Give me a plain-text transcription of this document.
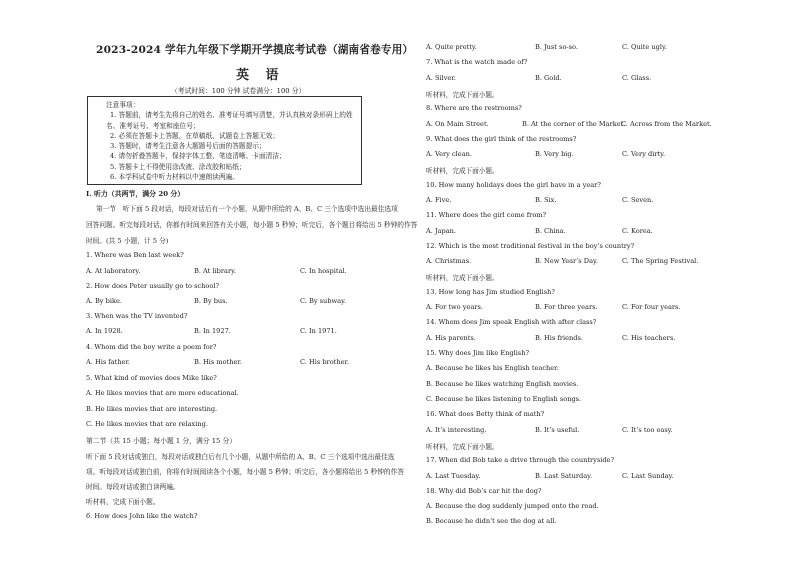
2023-2024 学年九年级下学期开学摸底考试卷（湖南省卷专用）
英 语
（考试时间：100 分钟 试卷满分：100 分）
注意事项：
1. 答题前，请考生先将自己的姓名、准考证号填写清楚，并认真核对条形码上的姓
名、准考证号、考室和座位号；
2. 必须在答题卡上答题，在草稿纸、试题卷上答题无效；
3. 答题时，请考生注意各大题题号后面的答题提示；
4. 请勿折叠答题卡，保持字体工整、笔迹清晰、卡面清洁；
5. 答题卡上不得使用涂改液、涂改胶和贴纸；
6. 本学科试卷中听力材料以中速朗读两遍。
Ⅰ. 听力（共两节，满分 20 分）
第一节　听下面 5 段对话，每段对话后有一个小题，从题中所给的 A、B、C 三个选项中选出最佳选项
回答问题。听完每段对话，你都有时间来回答有关小题，每小题 5 秒钟；听完后，各个题目将给出 5 秒钟的作答
时间。(共 5 小题，计 5 分)
1. Where was Ben last week?
A. At laboratory.	B. At library.	C. In hospital.
2. How does Peter usually go to school?
A. By bike.	B. By bus.	C. By subway.
3. When was the TV invented?
A. In 1928.	B. In 1927.	C. In 1971.
4. Whom did the boy write a poem for?
A. His father.	B. His mother.	C. His brother.
5. What kind of movies does Mike like?
A. He likes movies that are more educational.
B. He likes movies that are interesting.
C. He likes movies that are relaxing.
第二节（共 15 小题；每小题 1 分，满分 15 分）
听下面 5 段对话或独白，每段对话或独白后有几个小题，从题中所给的 A、B、C 三个选项中选出最佳选
项。听每段对话或独白前，你将有时间阅读各个小题，每小题 5 秒钟；听完后，各小题将给出 5 秒钟的作答
时间。每段对话或独白读两遍。
听材料，完成下面小题。
6. How does John like the watch?
A. Quite pretty.	B. Just so-so.	C. Quite ugly.
7. What is the watch made of?
A. Silver.	B. Gold.	C. Glass.
听材料，完成下面小题。
8. Where are the restrooms?
A. On Main Street.	B. At the corner of the Market.
C. Across from the Market.
9. What does the girl think of the restrooms?
A. Very clean.	B. Very big.	C. Very dirty.
听材料，完成下面小题。
10. How many holidays does the girl have in a year?
A. Five.	B. Six.	C. Seven.
11. Where does the girl come from?
A. Japan.	B. China.	C. Korea.
12. Which is the most traditional festival in the boy’s country?
A. Christmas.	B. New Year’s Day.	C. The Spring Festival.
听材料，完成下面小题。
13. How long has Jim studied English?
A. For two years.	B. For three years.	C. For four years.
14. Whom does Jim speak English with after class?
A. His parents.	B. His friends.	C. His teachers.
15. Why does Jim like English?
A. Because he likes his English teacher.
B. Because he likes watching English movies.
C. Because he likes listening to English songs.
16. What does Betty think of math?
A. It’s interesting.	B. It’s useful.	C. It’s too easy.
听材料，完成下面小题。
17. When did Bob take a drive through the countryside?
A. Last Tuesday.	B. Last Saturday.	C. Last Sunday.
18. Why did Bob’s car hit the dog?
A. Because the dog suddenly jumped onto the road.
B. Because he didn’t see the dog at all.
